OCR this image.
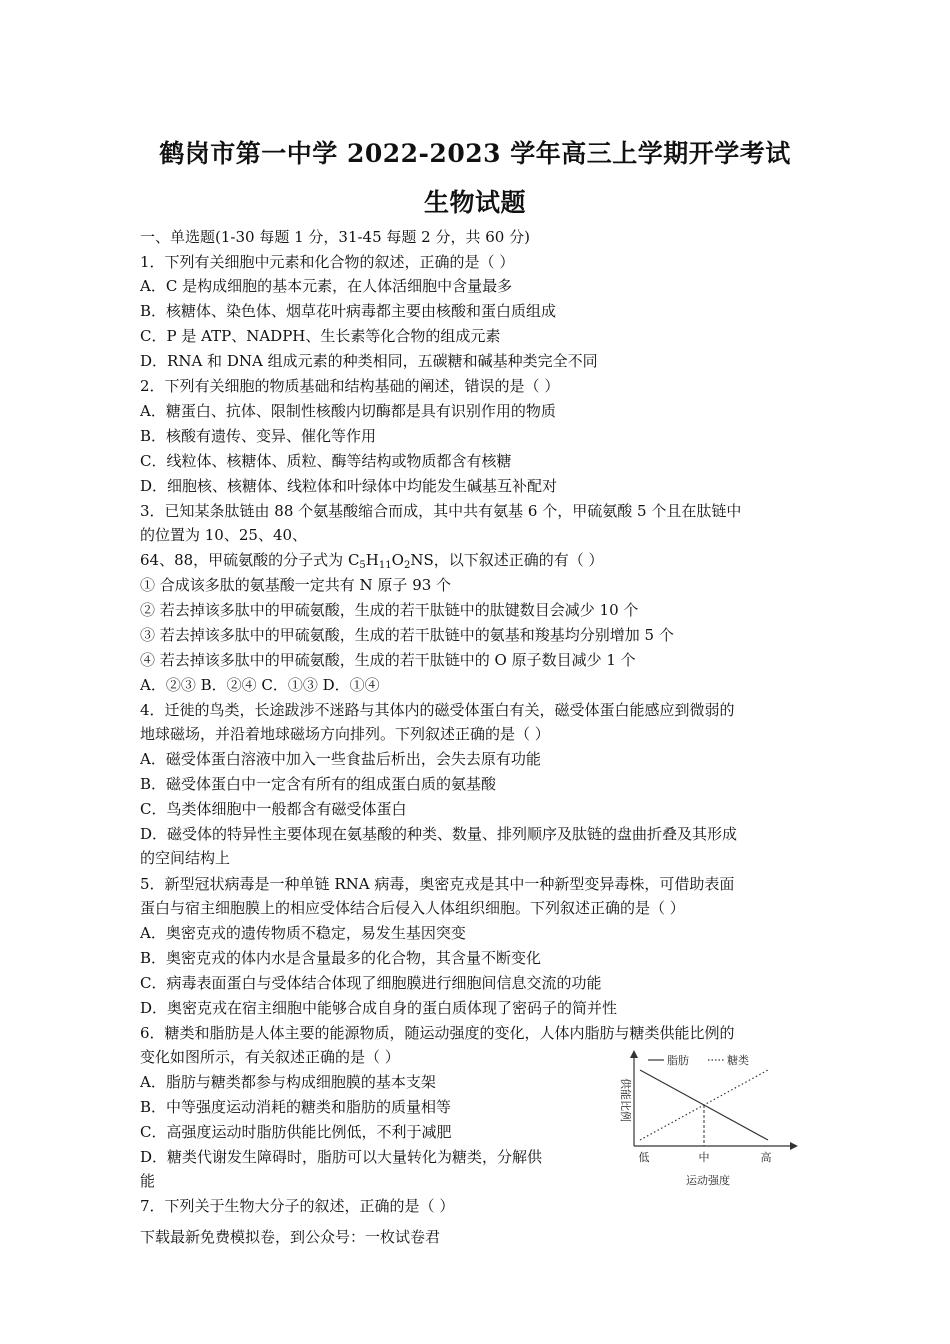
鹤岗市第一中学 2022-2023 学年高三上学期开学考试
生物试题
一、单选题(1-30 每题 1 分，31-45 每题 2 分，共 60 分)
1．下列有关细胞中元素和化合物的叙述，正确的是（ ）
A．C 是构成细胞的基本元素，在人体活细胞中含量最多
B．核糖体、染色体、烟草花叶病毒都主要由核酸和蛋白质组成
C．P 是 ATP、NADPH、生长素等化合物的组成元素
D．RNA 和 DNA 组成元素的种类相同，五碳糖和碱基种类完全不同
2．下列有关细胞的物质基础和结构基础的阐述，错误的是（ ）
A．糖蛋白、抗体、限制性核酸内切酶都是具有识别作用的物质
B．核酸有遗传、变异、催化等作用
C．线粒体、核糖体、质粒、酶等结构或物质都含有核糖
D．细胞核、核糖体、线粒体和叶绿体中均能发生碱基互补配对
3．已知某条肽链由 88 个氨基酸缩合而成，其中共有氨基 6 个，甲硫氨酸 5 个且在肽链中
的位置为 10、25、40、
64、88，甲硫氨酸的分子式为 $C_5H_{11}O_2NS$，以下叙述正确的有（ ）
① 合成该多肽的氨基酸一定共有 N 原子 93 个
② 若去掉该多肽中的甲硫氨酸，生成的若干肽链中的肽键数目会减少 10 个
③ 若去掉该多肽中的甲硫氨酸，生成的若干肽链中的氨基和羧基均分别增加 5 个
④ 若去掉该多肽中的甲硫氨酸，生成的若干肽链中的 O 原子数目减少 1 个
A．②③ B．②④ C．①③ D．①④
4．迁徙的鸟类，长途跋涉不迷路与其体内的磁受体蛋白有关，磁受体蛋白能感应到微弱的
地球磁场，并沿着地球磁场方向排列。下列叙述正确的是（ ）
A．磁受体蛋白溶液中加入一些食盐后析出，会失去原有功能
B．磁受体蛋白中一定含有所有的组成蛋白质的氨基酸
C．鸟类体细胞中一般都含有磁受体蛋白
D．磁受体的特异性主要体现在氨基酸的种类、数量、排列顺序及肽链的盘曲折叠及其形成
的空间结构上
5．新型冠状病毒是一种单链 RNA 病毒，奥密克戎是其中一种新型变异毒株，可借助表面
蛋白与宿主细胞膜上的相应受体结合后侵入人体组织细胞。下列叙述正确的是（ ）
A．奥密克戎的遗传物质不稳定，易发生基因突变
B．奥密克戎的体内水是含量最多的化合物，其含量不断变化
C．病毒表面蛋白与受体结合体现了细胞膜进行细胞间信息交流的功能
D．奥密克戎在宿主细胞中能够合成自身的蛋白质体现了密码子的简并性
6．糖类和脂肪是人体主要的能源物质，随运动强度的变化，人体内脂肪与糖类供能比例的
变化如图所示，有关叙述正确的是（ ）
A．脂肪与糖类都参与构成细胞膜的基本支架
B．中等强度运动消耗的糖类和脂肪的质量相等
C．高强度运动时脂肪供能比例低，不利于减肥
D．糖类代谢发生障碍时，脂肪可以大量转化为糖类，分解供
能
供能比例
脂肪	糖类
低	中	高
运动强度
7．下列关于生物大分子的叙述，正确的是（ ）
下载最新免费模拟卷，到公众号：一枚试卷君
